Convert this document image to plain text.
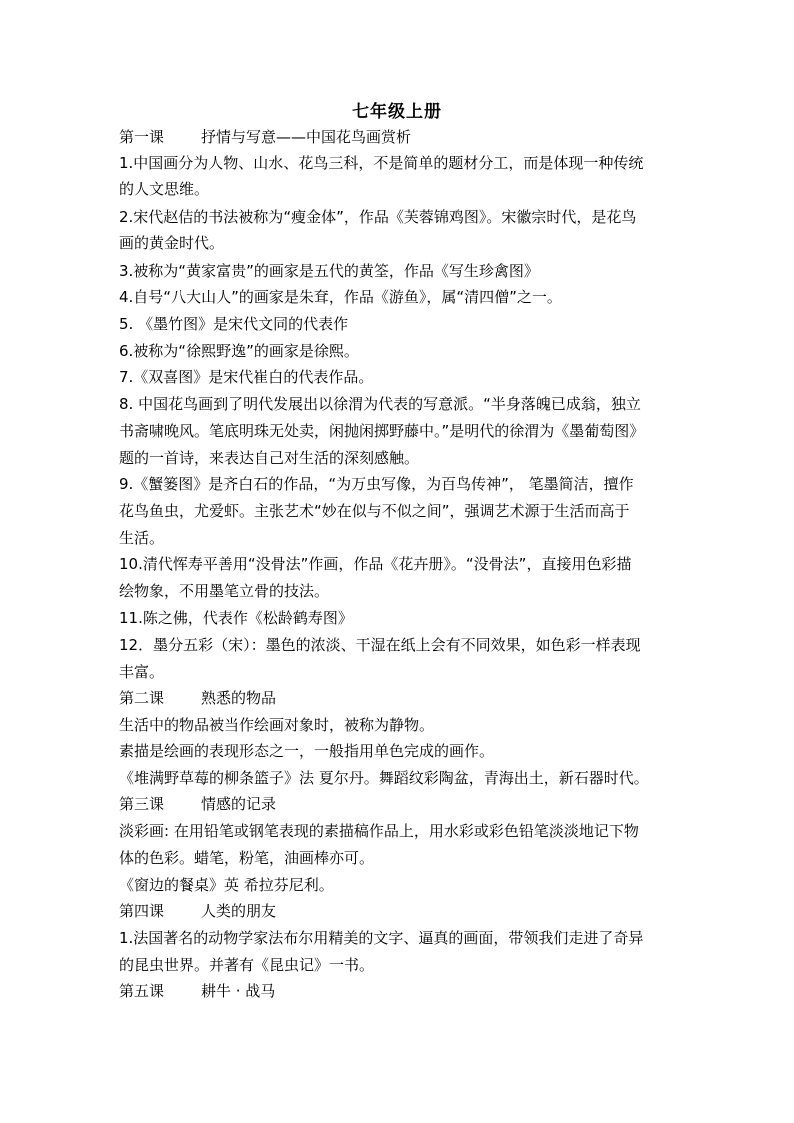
七年级上册
第一课 抒情与写意——中国花鸟画赏析
1.中国画分为人物、山水、花鸟三科，不是简单的题材分工，而是体现一种传统
的人文思维。
2.宋代赵佶的书法被称为“瘦金体”，作品《芙蓉锦鸡图》。宋徽宗时代，是花鸟
画的黄金时代。
3.被称为“黄家富贵”的画家是五代的黄筌，作品《写生珍禽图》
4.自号“八大山人”的画家是朱耷，作品《游鱼》，属“清四僧”之一。
5. 《墨竹图》是宋代文同的代表作
6.被称为“徐熙野逸”的画家是徐熙。
7.《双喜图》是宋代崔白的代表作品。
8. 中国花鸟画到了明代发展出以徐渭为代表的写意派。“半身落魄已成翁，独立
书斋啸晚风。笔底明珠无处卖，闲抛闲掷野藤中。”是明代的徐渭为《墨葡萄图》
题的一首诗，来表达自己对生活的深刻感触。
9.《蟹篓图》是齐白石的作品，“为万虫写像，为百鸟传神”， 笔墨简洁，擅作
花鸟鱼虫，尤爱虾。主张艺术“妙在似与不似之间”，强调艺术源于生活而高于
生活。
10.清代恽寿平善用“没骨法”作画，作品《花卉册》。“没骨法”，直接用色彩描
绘物象，不用墨笔立骨的技法。
11.陈之佛，代表作《松龄鹤寿图》
12．墨分五彩（宋）：墨色的浓淡、干湿在纸上会有不同效果，如色彩一样表现
丰富。
第二课 熟悉的物品
生活中的物品被当作绘画对象时，被称为静物。
素描是绘画的表现形态之一，一般指用单色完成的画作。
《堆满野草莓的柳条篮子》法 夏尔丹。舞蹈纹彩陶盆，青海出土，新石器时代。
第三课 情感的记录
淡彩画: 在用铅笔或钢笔表现的素描稿作品上，用水彩或彩色铅笔淡淡地记下物
体的色彩。蜡笔，粉笔，油画棒亦可。
《窗边的餐桌》英 希拉芬尼利。
第四课 人类的朋友
1.法国著名的动物学家法布尔用精美的文字、逼真的画面，带领我们走进了奇异
的昆虫世界。并著有《昆虫记》一书。
第五课 耕牛 · 战马
